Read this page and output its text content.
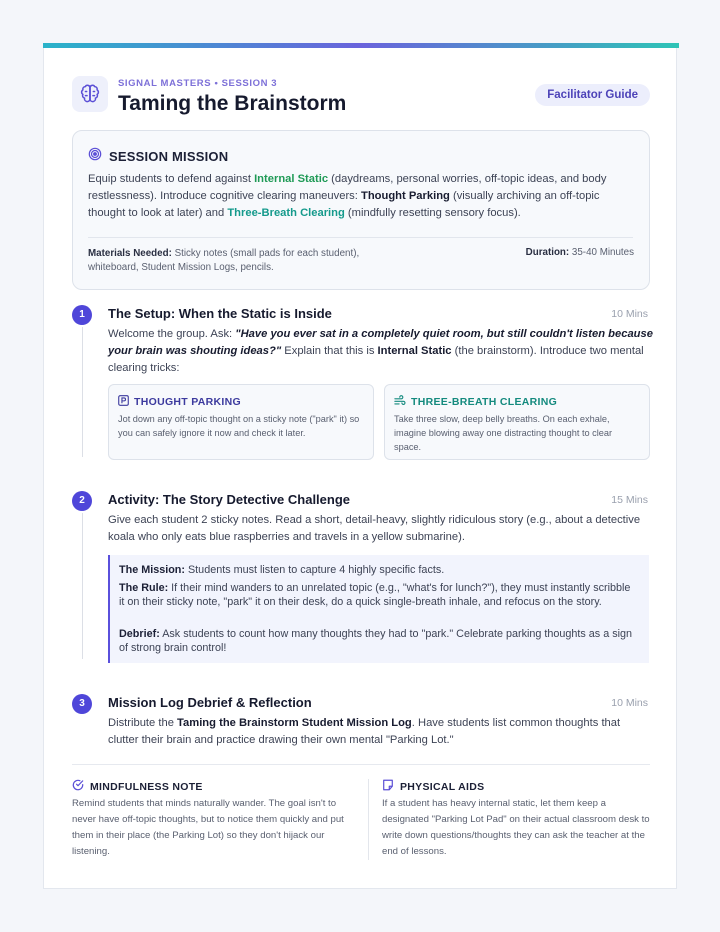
SIGNAL MASTERS • SESSION 3
Taming the Brainstorm	Facilitator Guide
SESSION MISSION
Equip students to defend against Internal Static (daydreams, personal worries, off-topic ideas, and body restlessness). Introduce cognitive clearing maneuvers: Thought Parking (visually archiving an off-topic thought to look at later) and Three-Breath Clearing (mindfully resetting sensory focus).
Materials Needed: Sticky notes (small pads for each student), whiteboard, Student Mission Logs, pencils.
Duration: 35-40 Minutes
1	The Setup: When the Static is Inside	10 Mins
Welcome the group. Ask: "Have you ever sat in a completely quiet room, but still couldn't listen because your brain was shouting ideas?" Explain that this is Internal Static (the brainstorm). Introduce two mental clearing tricks:
THOUGHT PARKING
Jot down any off-topic thought on a sticky note ("park" it) so you can safely ignore it now and check it later.
THREE-BREATH CLEARING
Take three slow, deep belly breaths. On each exhale, imagine blowing away one distracting thought to clear space.
2	Activity: The Story Detective Challenge	15 Mins
Give each student 2 sticky notes. Read a short, detail-heavy, slightly ridiculous story (e.g., about a detective koala who only eats blue raspberries and travels in a yellow submarine).
The Mission: Students must listen to capture 4 highly specific facts.
The Rule: If their mind wanders to an unrelated topic (e.g., "what's for lunch?"), they must instantly scribble it on their sticky note, "park" it on their desk, do a quick single-breath inhale, and refocus on the story.
Debrief: Ask students to count how many thoughts they had to "park." Celebrate parking thoughts as a sign of strong brain control!
3	Mission Log Debrief & Reflection	10 Mins
Distribute the Taming the Brainstorm Student Mission Log. Have students list common thoughts that clutter their brain and practice drawing their own mental "Parking Lot."
MINDFULNESS NOTE
Remind students that minds naturally wander. The goal isn't to never have off-topic thoughts, but to notice them quickly and put them in their place (the Parking Lot) so they don't hijack our listening.
PHYSICAL AIDS
If a student has heavy internal static, let them keep a designated "Parking Lot Pad" on their actual classroom desk to write down questions/thoughts they can ask the teacher at the end of lessons.
